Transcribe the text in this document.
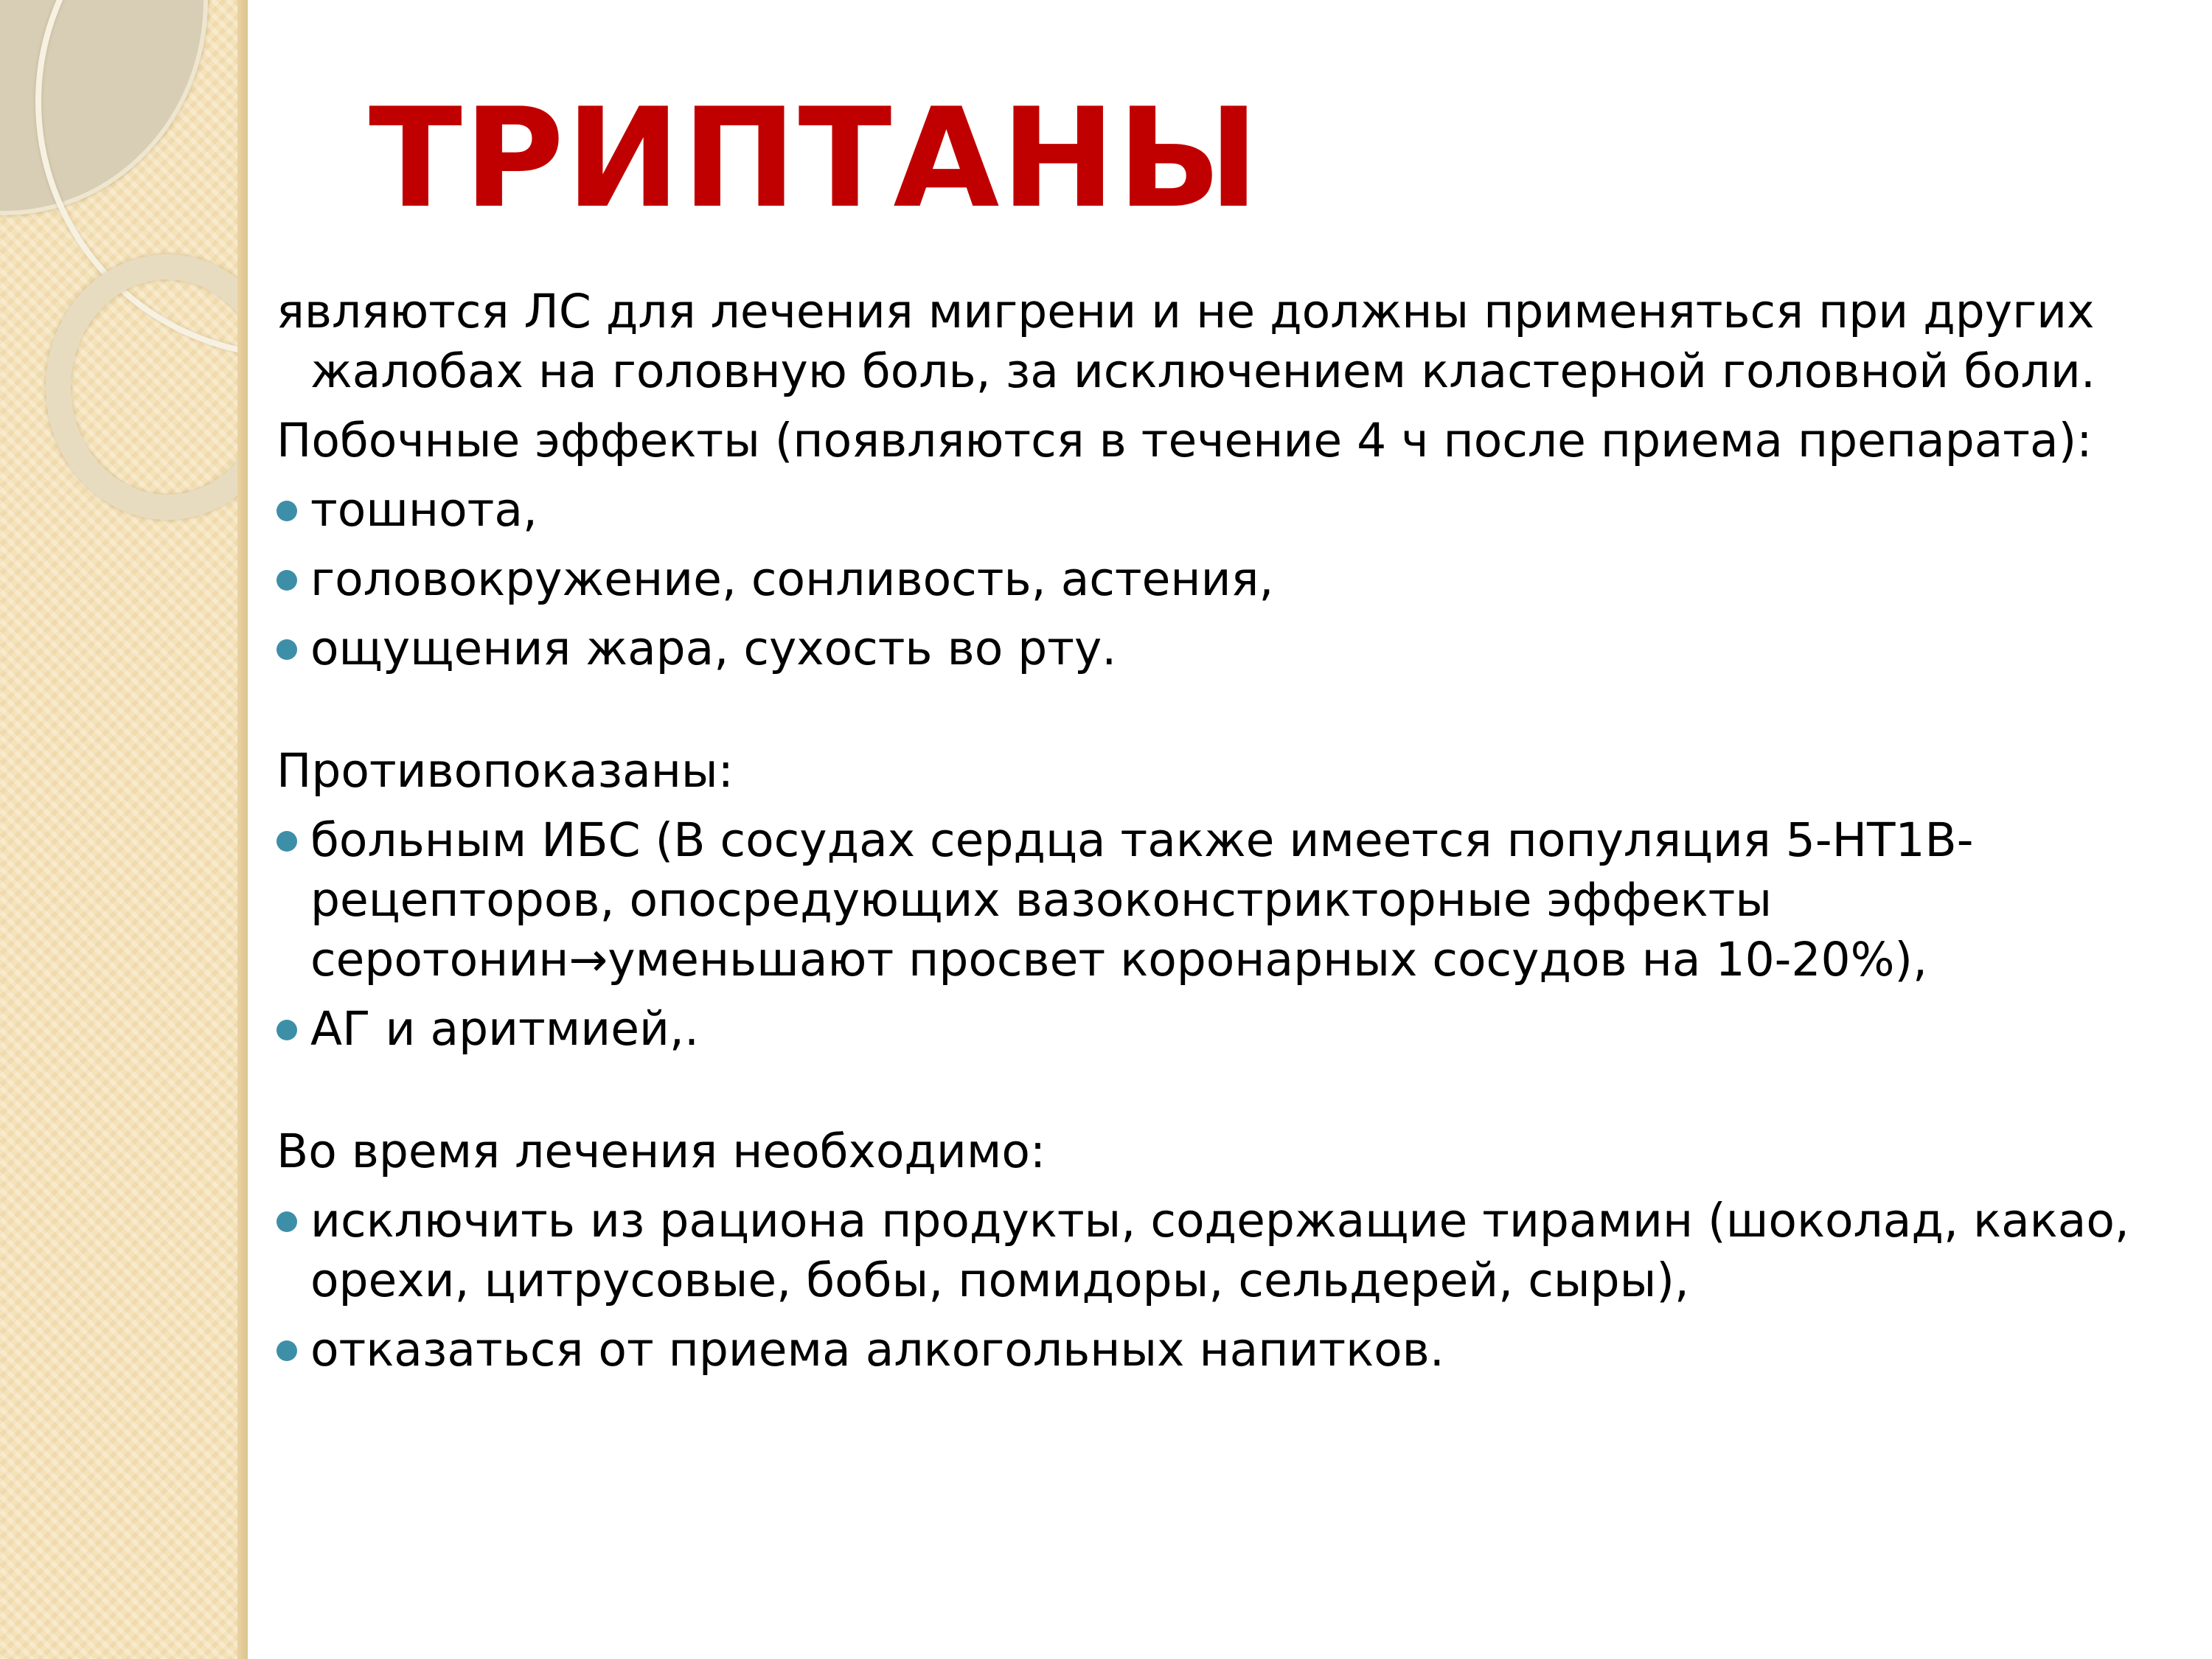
ТРИПТАНЫ

являются ЛС для лечения мигрени и не должны применяться при других жалобах на головную боль, за исключением кластерной головной боли.

Побочные эффекты (появляются в течение 4 ч после приема препарата):

тошнота,
головокружение, сонливость, астения,
ощущения жара, сухость во рту.

Противопоказаны:

больным ИБС (В сосудах сердца также имеется популяция 5-НТ1В-рецепторов, опосредующих вазоконстрикторные эффекты серотонин→уменьшают просвет коронарных сосудов на 10-20%),
АГ и аритмией,.

Во время лечения необходимо:

исключить из рациона продукты, содержащие тирамин (шоколад, какао, орехи, цитрусовые, бобы, помидоры, сельдерей, сыры),
отказаться от приема алкогольных напитков.
